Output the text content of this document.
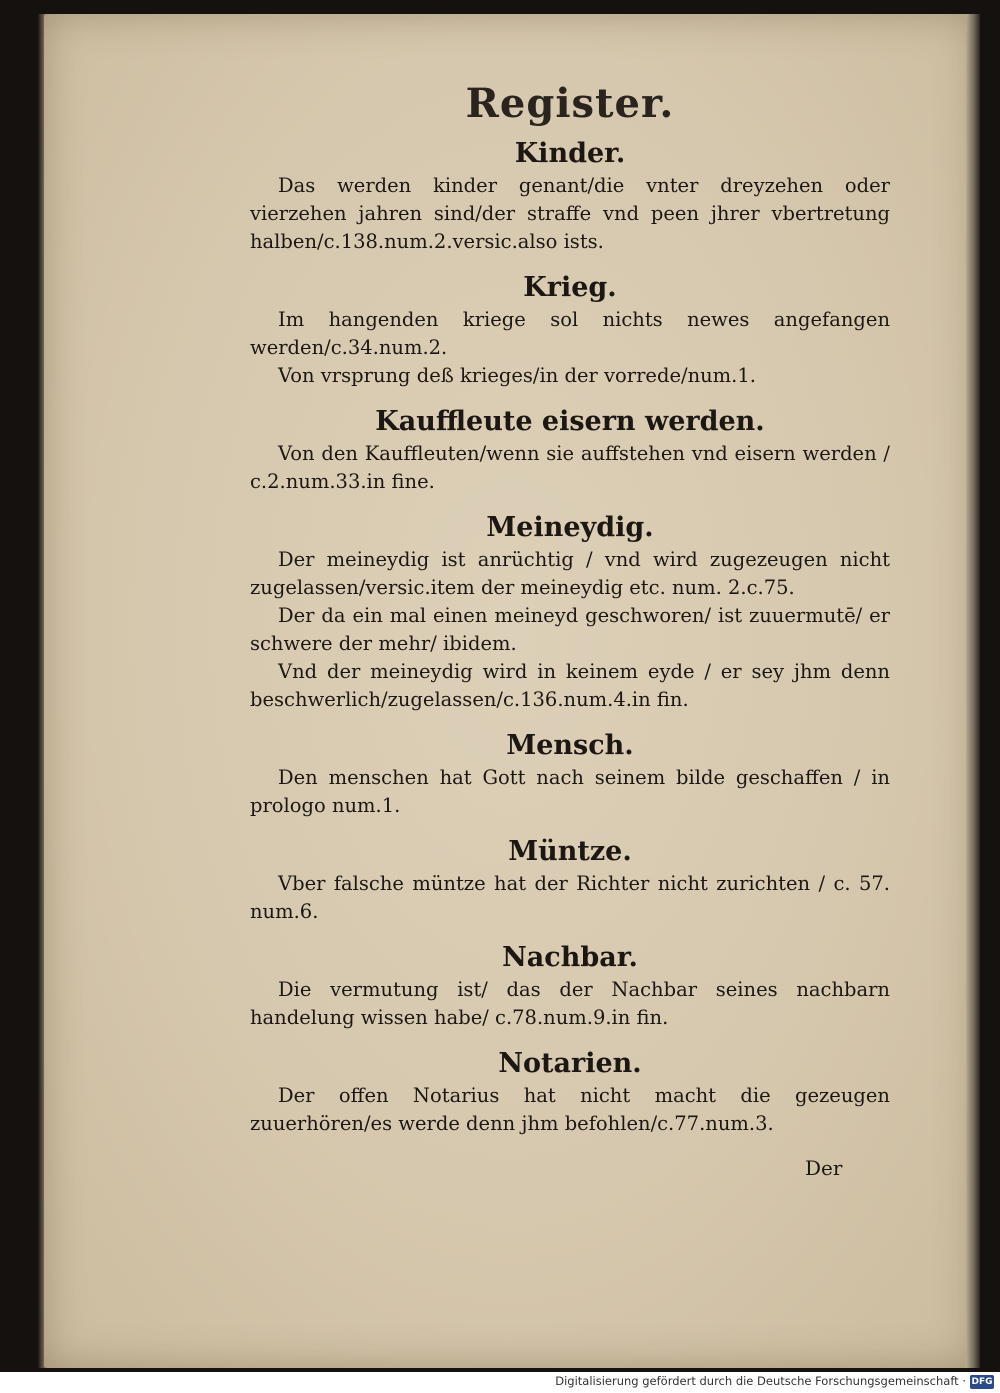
Register.
Kinder.

Das werden kinder genant/die vnter dreyzehen oder vierzehen jahren sind/der straffe vnd peen jhrer vbertretung halben/c.138.num.2.versic.also ists.

Krieg.

Im hangenden kriege sol nichts newes angefangen werden/c.34.num.2.

Von vrsprung deß krieges/in der vorrede/num.1.

Kauffleute eisern werden.

Von den Kauffleuten/wenn sie auffstehen vnd eisern werden / c.2.num.33.in fine.

Meineydig.

Der meineydig ist anrüchtig / vnd wird zugezeugen nicht zugelassen/versic.item der meineydig etc. num. 2.c.75.

Der da ein mal einen meineyd geschworen/ ist zuuermutē/ er schwere der mehr/ ibidem.

Vnd der meineydig wird in keinem eyde / er sey jhm denn beschwerlich/zugelassen/c.136.num.4.in fin.

Mensch.

Den menschen hat Gott nach seinem bilde geschaffen / in prologo num.1.

Müntze.

Vber falsche müntze hat der Richter nicht zurichten / c. 57. num.6.

Nachbar.

Die vermutung ist/ das der Nachbar seines nachbarn handelung wissen habe/ c.78.num.9.in fin.

Notarien.

Der offen Notarius hat nicht macht die gezeugen zuuerhören/es werde denn jhm befohlen/c.77.num.3.

Der
Digitalisierung gefördert durch die Deutsche Forschungsgemeinschaft · DFG
